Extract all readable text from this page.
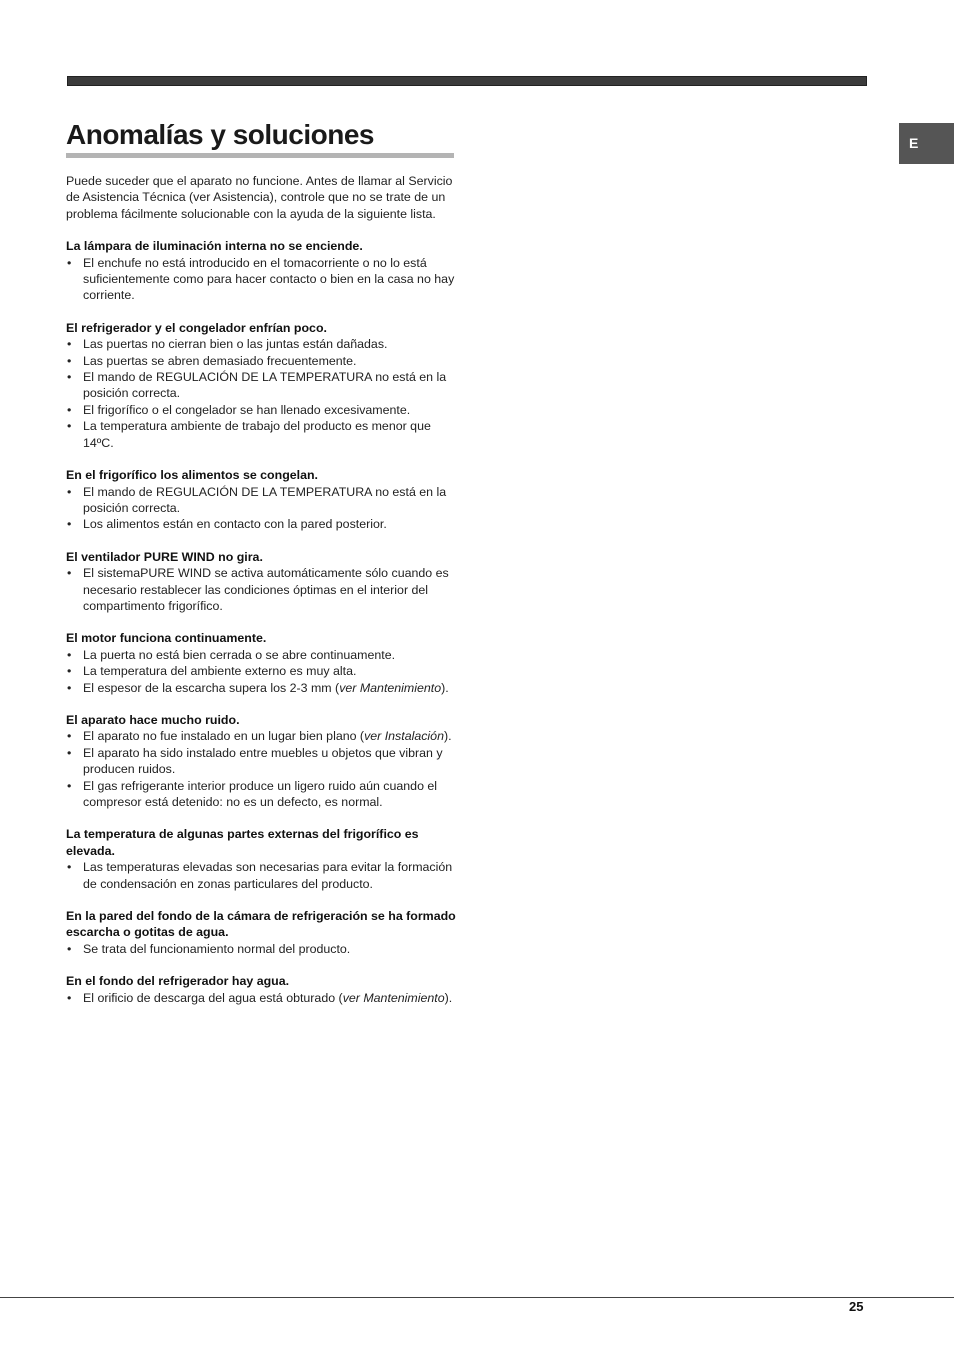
E
Anomalías y soluciones

Puede suceder que el aparato no funcione. Antes de llamar al Servicio de Asistencia Técnica (ver Asistencia), controle que no se trate de un problema fácilmente solucionable con la ayuda de la siguiente lista.

La lámpara de iluminación interna no se enciende.
• El enchufe no está introducido en el tomacorriente o no lo está suficientemente como para hacer contacto o bien en la casa no hay corriente.
El refrigerador y el congelador enfrían poco.
• Las puertas no cierran bien o las juntas están dañadas.
• Las puertas se abren demasiado frecuentemente.
• El mando de REGULACIÓN DE LA TEMPERATURA no está en la posición correcta.
• El frigorífico o el congelador se han llenado excesivamente.
• La temperatura ambiente de trabajo del producto es menor que 14ºC.
En el frigorífico los alimentos se congelan.
• El mando de REGULACIÓN DE LA TEMPERATURA no está en la posición correcta.
• Los alimentos están en contacto con la pared posterior.
El ventilador PURE WIND no gira.
• El sistemaPURE WIND se activa automáticamente sólo cuando es necesario restablecer las condiciones óptimas en el interior del compartimento frigorífico.
El motor funciona continuamente.
• La puerta no está bien cerrada o se abre continuamente.
• La temperatura del ambiente externo es muy alta.
• El espesor de la escarcha supera los 2-3 mm (ver Mantenimiento).
El aparato hace mucho ruido.
• El aparato no fue instalado en un lugar bien plano (ver Instalación).
• El aparato ha sido instalado entre muebles u objetos que vibran y producen ruidos.
• El gas refrigerante interior produce un ligero ruido aún cuando el compresor está detenido: no es un defecto, es normal.
La temperatura de algunas partes externas del frigorífico es elevada.
• Las temperaturas elevadas son necesarias para evitar la formación de condensación en zonas particulares del producto.
En la pared del fondo de la cámara de refrigeración se ha formado escarcha o gotitas de agua.
• Se trata del funcionamiento normal del producto.
En el fondo del refrigerador hay agua.
• El orificio de descarga del agua está obturado (ver Mantenimiento).
25
